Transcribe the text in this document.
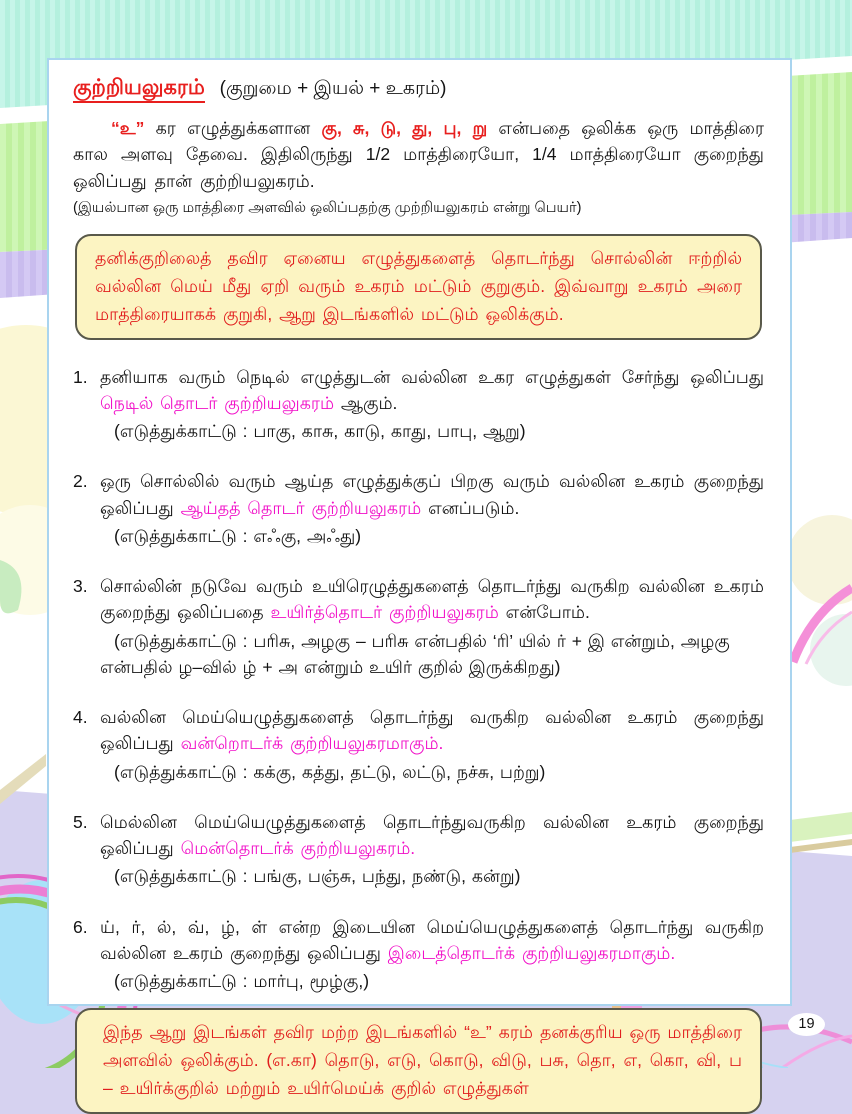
குற்றியலுகரம் (குறுமை + இயல் + உகரம்)
“உ” கர எழுத்துக்களான கு, சு, டு, து, பு, று என்பதை ஒலிக்க ஒரு மாத்திரை கால அளவு தேவை. இதிலிருந்து 1/2 மாத்திரையோ, 1/4 மாத்திரையோ குறைந்து ஒலிப்பது தான் குற்றியலுகரம்.
(இயல்பான ஒரு மாத்திரை அளவில் ஒலிப்பதற்கு முற்றியலுகரம் என்று பெயர்)
தனிக்குறிலைத் தவிர ஏனைய எழுத்துகளைத் தொடர்ந்து சொல்லின் ஈற்றில் வல்லின மெய் மீது ஏறி வரும் உகரம் மட்டும் குறுகும். இவ்வாறு உகரம் அரை மாத்திரையாகக் குறுகி, ஆறு இடங்களில் மட்டும் ஒலிக்கும்.
1. தனியாக வரும் நெடில் எழுத்துடன் வல்லின உகர எழுத்துகள் சேர்ந்து ஒலிப்பது நெடில் தொடர் குற்றியலுகரம் ஆகும்.
(எடுத்துக்காட்டு : பாகு, காசு, காடு, காது, பாபு, ஆறு)
2. ஒரு சொல்லில் வரும் ஆய்த எழுத்துக்குப் பிறகு வரும் வல்லின உகரம் குறைந்து ஒலிப்பது ஆய்தத் தொடர் குற்றியலுகரம் எனப்படும்.
(எடுத்துக்காட்டு : எஃகு, அஃது)
3. சொல்லின் நடுவே வரும் உயிரெழுத்துகளைத் தொடர்ந்து வருகிற வல்லின உகரம் குறைந்து ஒலிப்பதை உயிர்த்தொடர் குற்றியலுகரம் என்போம்.
(எடுத்துக்காட்டு : பரிசு, அழகு – பரிசு என்பதில் ‘ரி’ யில் ர் + இ என்றும், அழகு என்பதில் ழ–வில் ழ் + அ என்றும் உயிர் குறில் இருக்கிறது)
4. வல்லின மெய்யெழுத்துகளைத் தொடர்ந்து வருகிற வல்லின உகரம் குறைந்து ஒலிப்பது வன்றொடர்க் குற்றியலுகரமாகும்.
(எடுத்துக்காட்டு : கக்கு, கத்து, தட்டு, லட்டு, நச்சு, பற்று)
5. மெல்லின மெய்யெழுத்துகளைத் தொடர்ந்துவருகிற வல்லின உகரம் குறைந்து ஒலிப்பது மென்தொடர்க் குற்றியலுகரம்.
(எடுத்துக்காட்டு : பங்கு, பஞ்சு, பந்து, நண்டு, கன்று)
6. ய், ர், ல், வ், ழ், ள் என்ற இடையின மெய்யெழுத்துகளைத் தொடர்ந்து வருகிற வல்லின உகரம் குறைந்து ஒலிப்பது இடைத்தொடர்க் குற்றியலுகரமாகும்.
(எடுத்துக்காட்டு : மார்பு, மூழ்கு,)
இந்த ஆறு இடங்கள் தவிர மற்ற இடங்களில் “உ” கரம் தனக்குரிய ஒரு மாத்திரை அளவில் ஒலிக்கும். (எ.கா) தொடு, எடு, கொடு, விடு, பசு, தொ, எ, கொ, வி, ப – உயிர்க்குறில் மற்றும் உயிர்மெய்க் குறில் எழுத்துகள்
19
